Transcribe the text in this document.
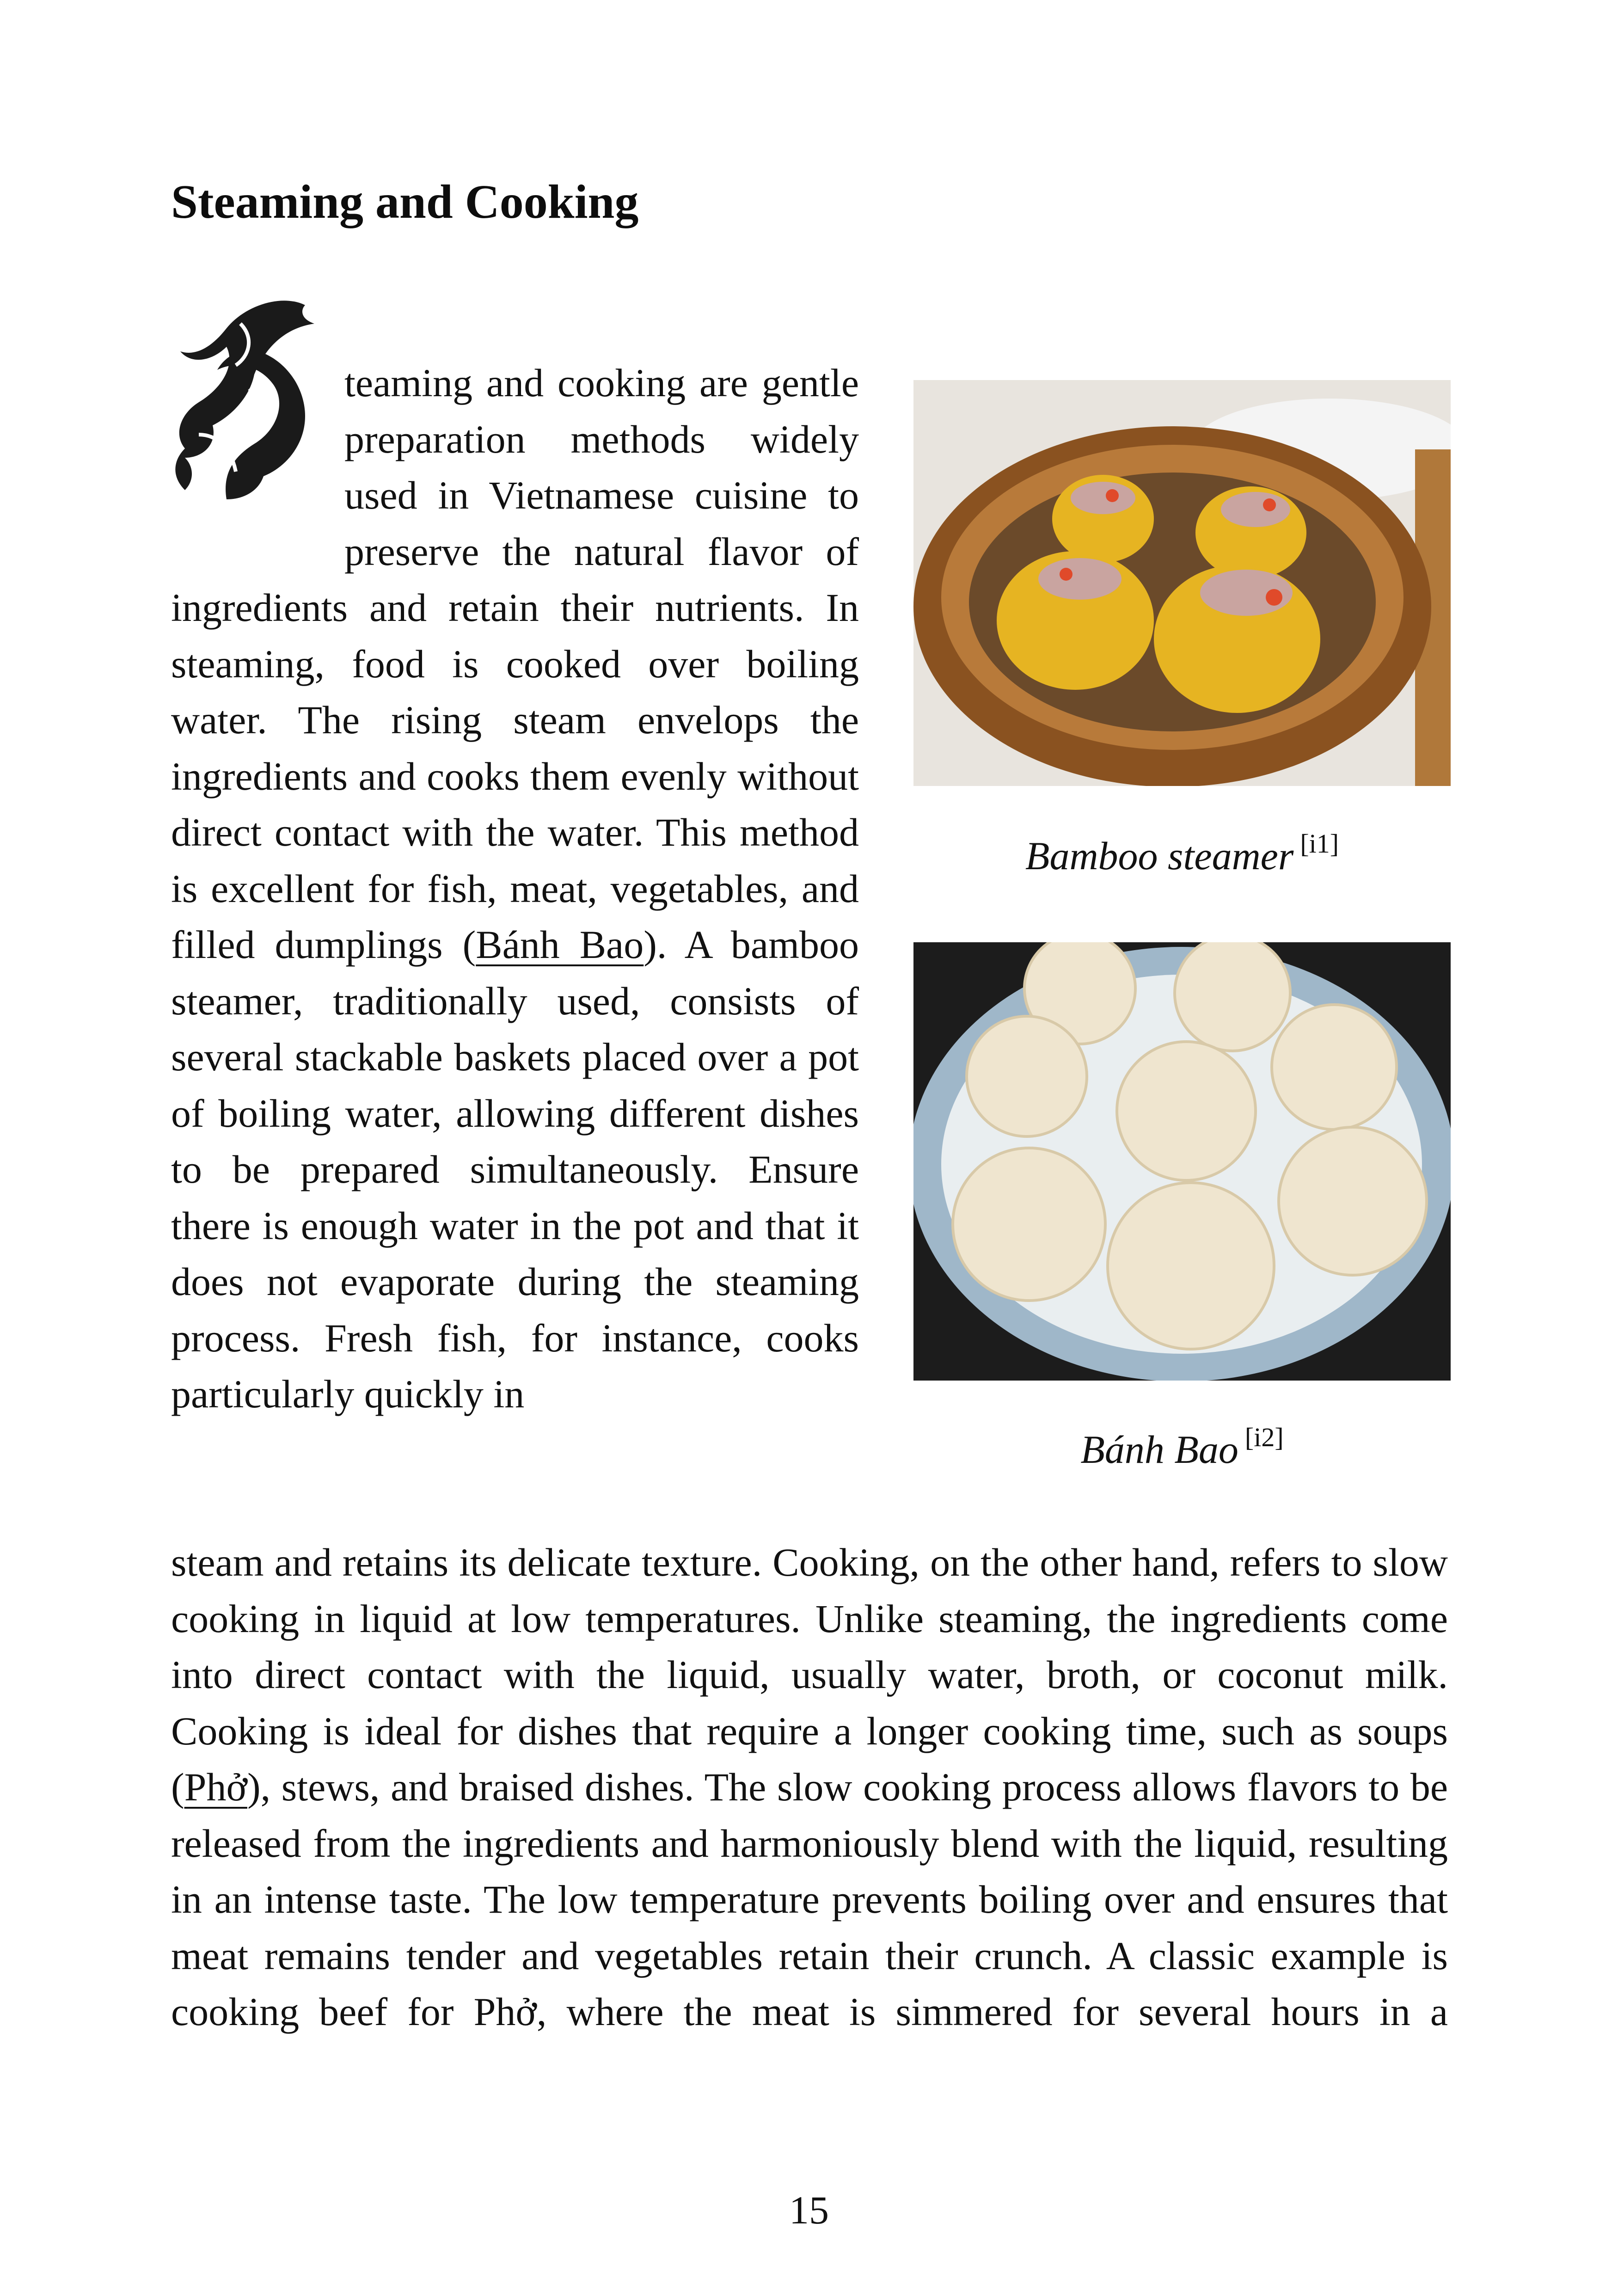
Steaming and Cooking

teaming and cooking are gentle preparation methods widely used in Vietnamese cuisine to preserve the natural flavor of ingredients and retain their nutrients. In steaming, food is cooked over boiling water. The rising steam envelops the ingredients and cooks them evenly without direct contact with the water. This method is excellent for fish, meat, vegetables, and filled dumplings (Bánh Bao). A bamboo steamer, traditionally used, consists of several stackable baskets placed over a pot of boiling water, allowing different dishes to be prepared simultaneously. Ensure there is enough water in the pot and that it does not evaporate during the steaming process. Fresh fish, for instance, cooks particularly quickly in

steam and retains its delicate texture. Cooking, on the other hand, refers to slow cooking in liquid at low temperatures. Unlike steaming, the ingredients come into direct contact with the liquid, usually water, broth, or coconut milk. Cooking is ideal for dishes that require a longer cooking time, such as soups (Phở), stews, and braised dishes. The slow cooking process allows flavors to be released from the ingredients and harmoniously blend with the liquid, resulting in an intense taste. The low temperature prevents boiling over and ensures that meat remains tender and vegetables retain their crunch. A classic example is cooking beef for Phở, where the meat is simmered for several hours in a

Bamboo steamer [i1]
Bánh Bao [i2]

15
